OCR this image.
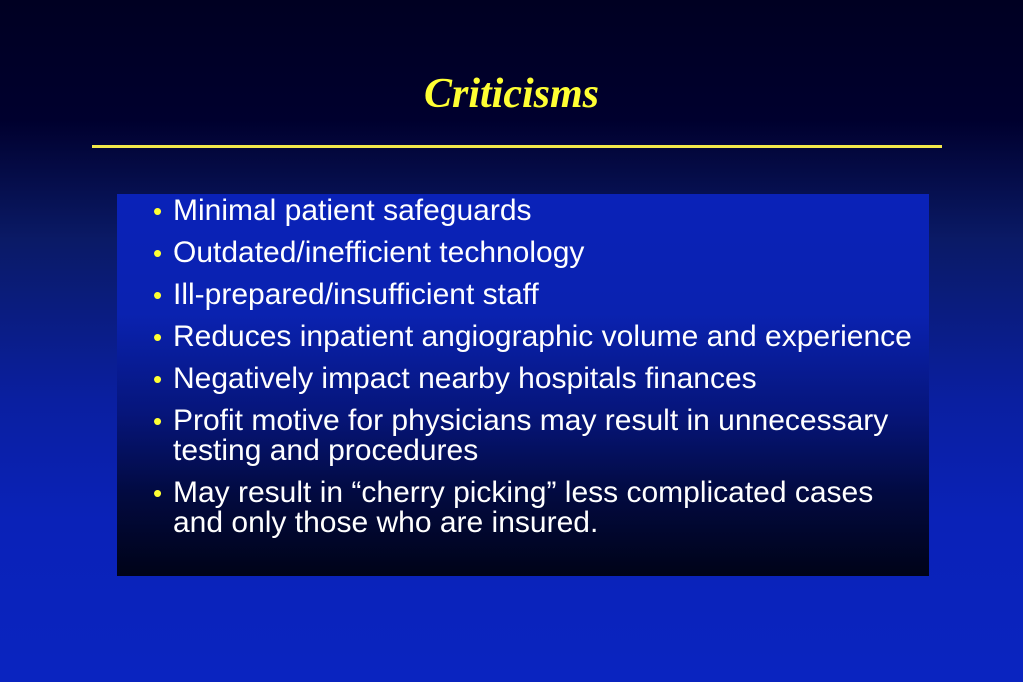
Criticisms
• Minimal patient safeguards
• Outdated/inefficient technology
• Ill-prepared/insufficient staff
• Reduces inpatient angiographic volume and experience
• Negatively impact nearby hospitals finances
• Profit motive for physicians may result in unnecessary testing and procedures
• May result in “cherry picking” less complicated cases and only those who are insured.
